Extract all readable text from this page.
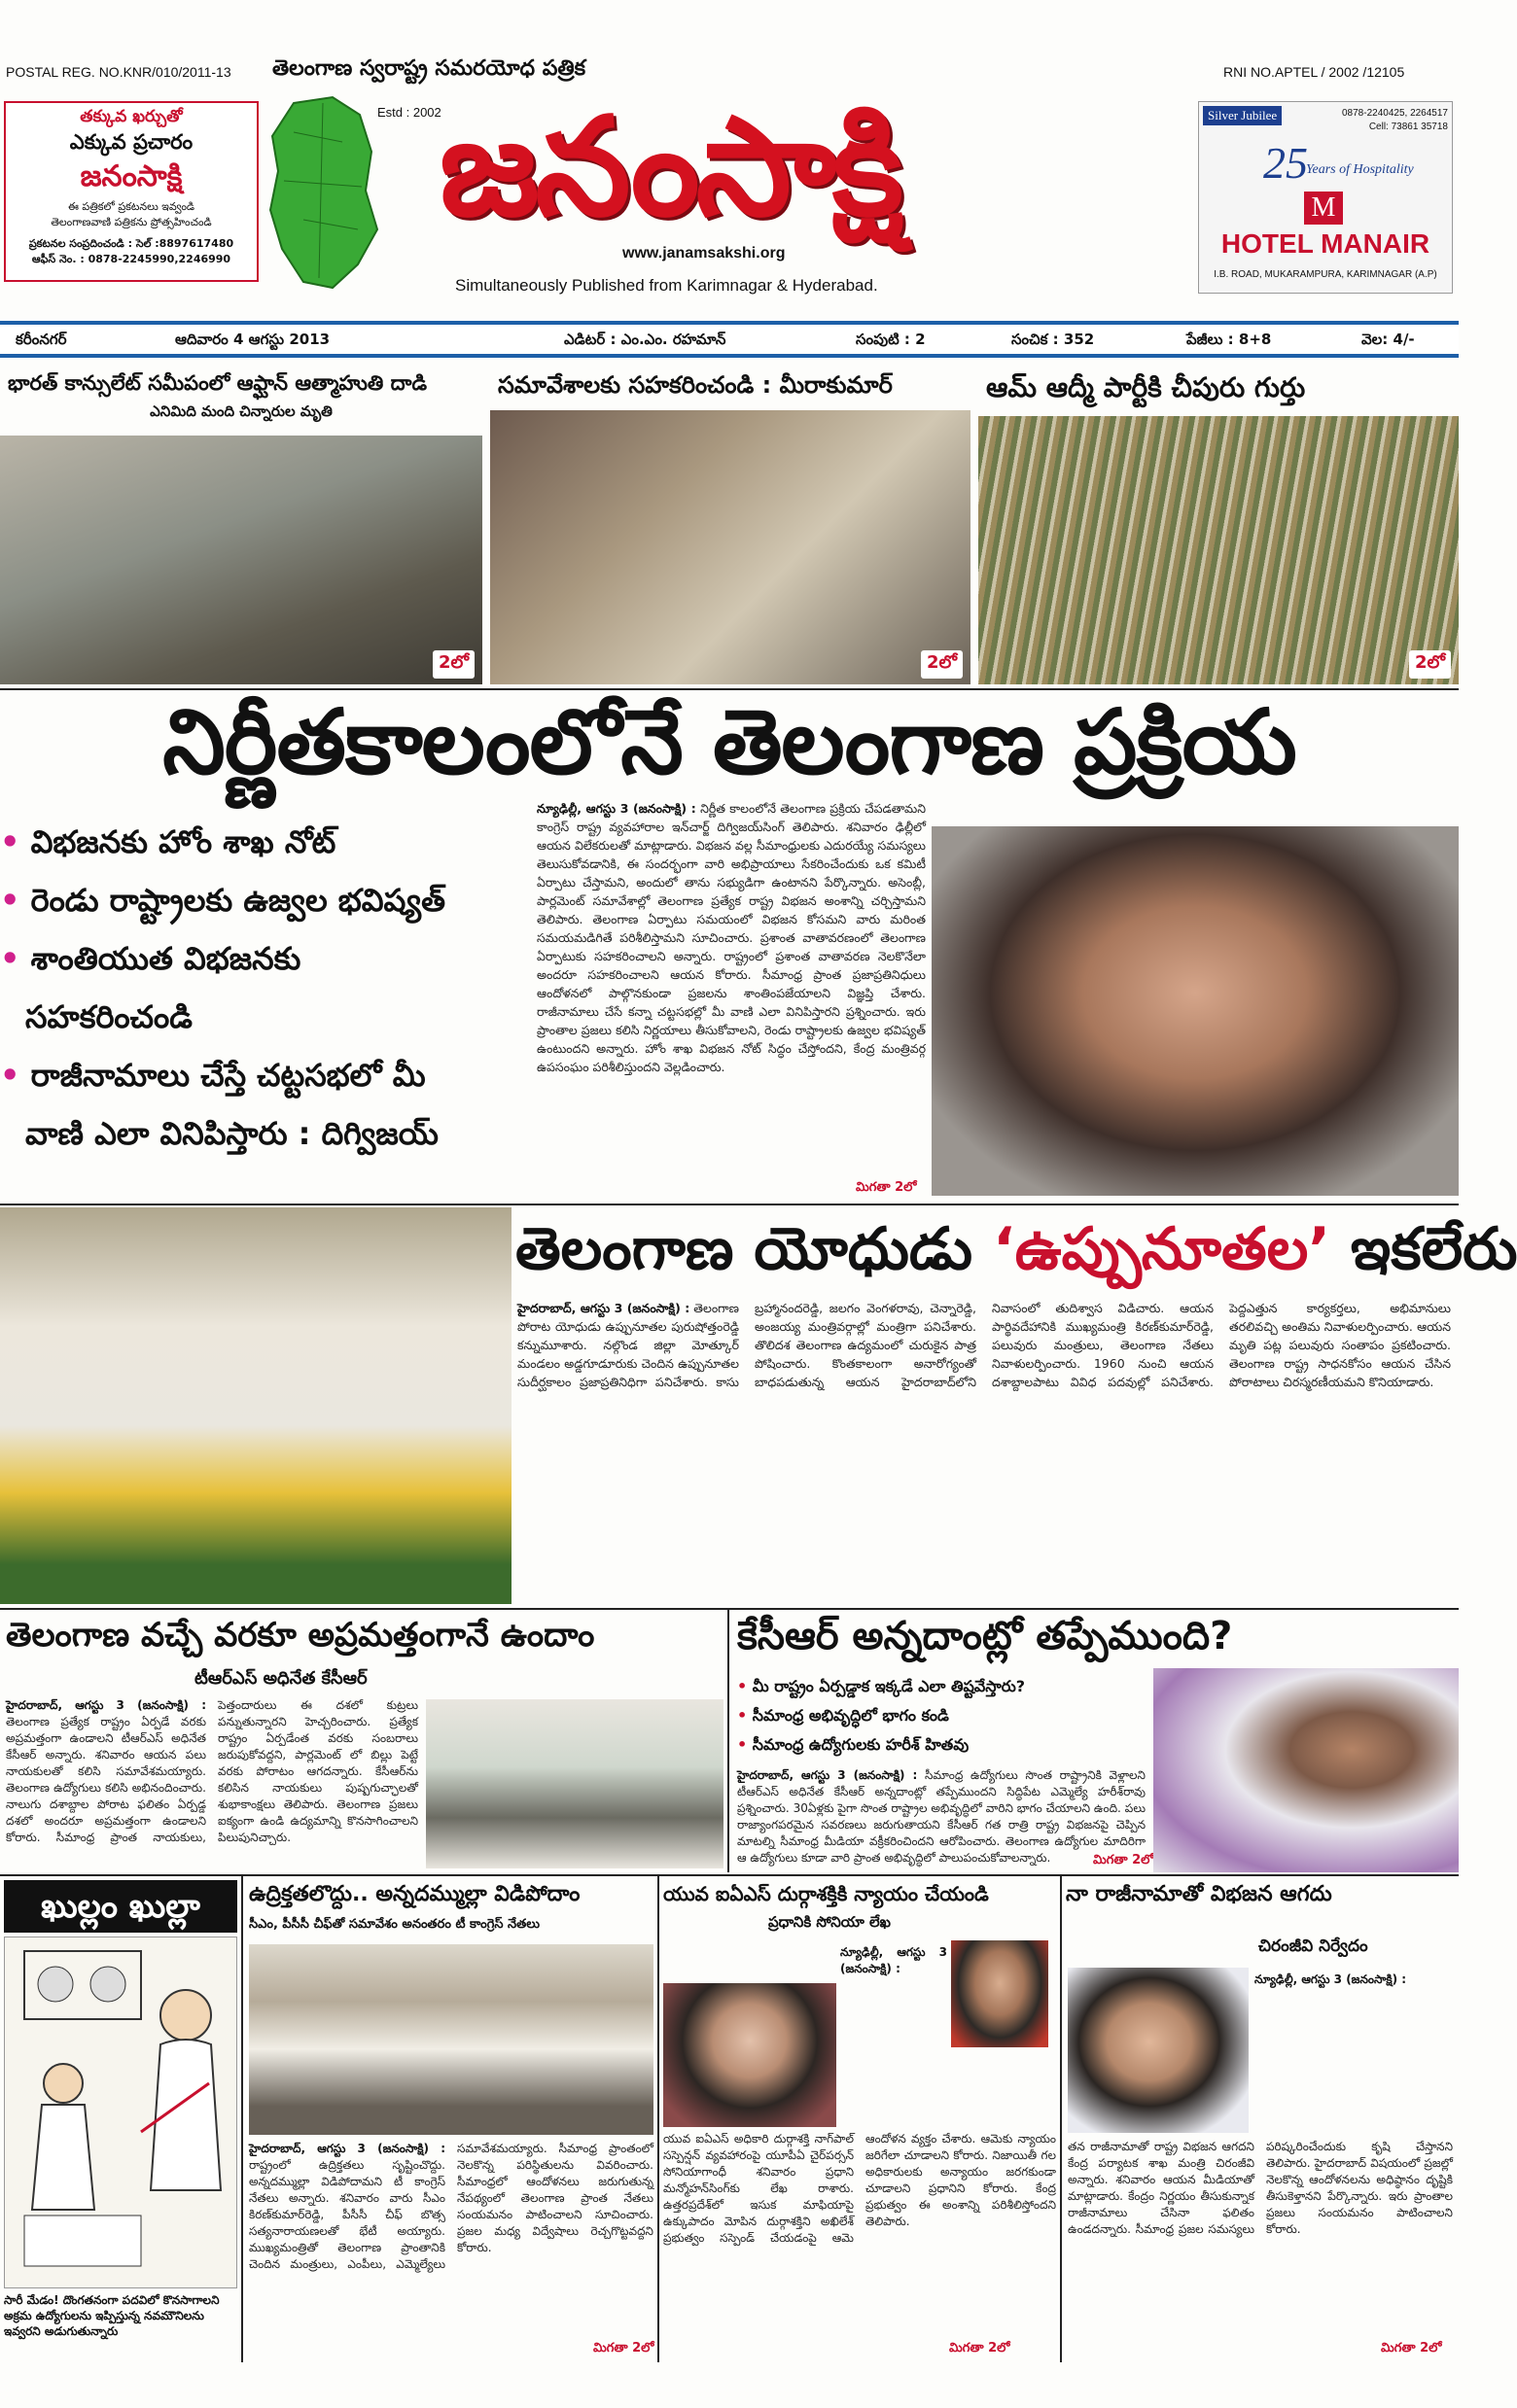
POSTAL REG. NO.KNR/010/2011-13 తెలంగాణ స్వరాష్ట్ర సమరయోధ పత్రిక	RNI NO.APTEL / 2002 /12105
తక్కువ ఖర్చుతో
ఎక్కువ ప్రచారం
జనంసాక్షి
ఈ పత్రికలో ప్రకటనలు ఇవ్వండి
తెలంగాణవాణి పత్రికను ప్రోత్సహించండి
ప్రకటనల సంప్రదించండి : సెల్ :8897617480
ఆఫీస్ నెం. : 0878-2245990,2246990
Estd : 2002
జనంసాక్షి
www.janamsakshi.org
Simultaneously Published from Karimnagar & Hyderabad.
Silver Jubilee	0878-2240425, 2264517
Cell: 73861 35718
25
Years of Hospitality
M
HOTEL MANAIR
I.B. ROAD, MUKARAMPURA, KARIMNAGAR (A.P)
కరీంనగర్	ఆదివారం 4 ఆగస్టు 2013	ఎడిటర్ : ఎం.ఎం. రహమాన్	సంపుటి : 2	సంచిక : 352	పేజీలు : 8+8	వెల: 4/-
భారత్ కాన్సులేట్ సమీపంలో ఆఫ్ఘాన్ ఆత్మాహుతి దాడి
ఎనిమిది మంది చిన్నారుల మృతి
2లో
సమావేశాలకు సహకరించండి : మీరాకుమార్
2లో
ఆమ్ ఆద్మీ పార్టీకి చీపురు గుర్తు
2లో
నిర్ణీతకాలంలోనే తెలంగాణ ప్రక్రియ
• విభజనకు హోం శాఖ నోట్
• రెండు రాష్ట్రాలకు ఉజ్వల భవిష్యత్
• శాంతియుత విభజనకు
సహకరించండి
• రాజీనామాలు చేస్తే చట్టసభలో మీ
వాణి ఎలా వినిపిస్తారు : దిగ్విజయ్
న్యూఢిల్లీ, ఆగస్టు 3 (జనంసాక్షి) : నిర్ణీత కాలంలోనే తెలంగాణ ప్రక్రియ చేపడతామని కాంగ్రెస్ రాష్ట్ర వ్యవహారాల ఇన్‌చార్జ్ దిగ్విజయ్‌సింగ్ తెలిపారు. శనివారం ఢిల్లీలో ఆయన విలేకరులతో మాట్లాడారు. విభజన వల్ల సీమాంధ్రులకు ఎదురయ్యే సమస్యలు తెలుసుకోవడానికి, ఈ సందర్భంగా వారి అభిప్రాయాలు సేకరించేందుకు ఒక కమిటీ ఏర్పాటు చేస్తామని, అందులో తాను సభ్యుడిగా ఉంటానని పేర్కొన్నారు. అసెంబ్లీ, పార్లమెంట్ సమావేశాల్లో తెలంగాణ ప్రత్యేక రాష్ట్ర విభజన అంశాన్ని చర్చిస్తామని తెలిపారు. తెలంగాణ ఏర్పాటు సమయంలో విభజన కోసమని వారు మరింత సమయమడిగితే పరిశీలిస్తామని సూచించారు. ప్రశాంత వాతావరణంలో తెలంగాణ ఏర్పాటుకు సహకరించాలని అన్నారు. రాష్ట్రంలో ప్రశాంత వాతావరణ నెలకొనేలా అందరూ సహకరించాలని ఆయన కోరారు. సీమాంధ్ర ప్రాంత ప్రజాప్రతినిధులు ఆందోళనలో పాల్గొనకుండా ప్రజలను శాంతింపజేయాలని విజ్ఞప్తి చేశారు. రాజీనామాలు చేసే కన్నా చట్టసభల్లో మీ వాణి ఎలా వినిపిస్తారని ప్రశ్నించారు. ఇరు ప్రాంతాల ప్రజలు కలిసి నిర్ణయాలు తీసుకోవాలని, రెండు రాష్ట్రాలకు ఉజ్వల భవిష్యత్ ఉంటుందని అన్నారు. హోం శాఖ విభజన నోట్ సిద్ధం చేస్తోందని, కేంద్ర మంత్రివర్గ ఉపసంఘం పరిశీలిస్తుందని వెల్లడించారు.
మిగతా 2లో
తెలంగాణ యోధుడు ‘ఉప్పునూతల’ ఇకలేరు
హైదరాబాద్, ఆగస్టు 3 (జనంసాక్షి) : తెలంగాణ పోరాట యోధుడు ఉప్పునూతల పురుషోత్తంరెడ్డి కన్నుమూశారు. నల్గొండ జిల్లా మోత్కూర్ మండలం అడ్డగూడూరుకు చెందిన ఉప్పునూతల సుదీర్ఘకాలం ప్రజాప్రతినిధిగా పనిచేశారు. కాసు బ్రహ్మానందరెడ్డి, జలగం వెంగళరావు, చెన్నారెడ్డి, అంజయ్య మంత్రివర్గాల్లో మంత్రిగా పనిచేశారు. తొలిదశ తెలంగాణ ఉద్యమంలో చురుకైన పాత్ర పోషించారు. కొంతకాలంగా అనారోగ్యంతో బాధపడుతున్న ఆయన హైదరాబాద్‌లోని నివాసంలో తుదిశ్వాస విడిచారు. ఆయన పార్థివదేహానికి ముఖ్యమంత్రి కిరణ్‌కుమార్‌రెడ్డి, పలువురు మంత్రులు, తెలంగాణ నేతలు నివాళులర్పించారు. 1960 నుంచి ఆయన దశాబ్దాలపాటు వివిధ పదవుల్లో పనిచేశారు. పెద్దఎత్తున కార్యకర్తలు, అభిమానులు తరలివచ్చి అంతిమ నివాళులర్పించారు. ఆయన మృతి పట్ల పలువురు సంతాపం ప్రకటించారు. తెలంగాణ రాష్ట్ర సాధనకోసం ఆయన చేసిన పోరాటాలు చిరస్మరణీయమని కొనియాడారు.
తెలంగాణ వచ్చే వరకూ అప్రమత్తంగానే ఉందాం
టీఆర్ఎస్ అధినేత కేసీఆర్
హైదరాబాద్, ఆగస్టు 3 (జనంసాక్షి) : తెలంగాణ ప్రత్యేక రాష్ట్రం ఏర్పడే వరకు అప్రమత్తంగా ఉండాలని టీఆర్ఎస్ అధినేత కేసీఆర్ అన్నారు. శనివారం ఆయన పలు నాయకులతో కలిసి సమావేశమయ్యారు. తెలంగాణ ఉద్యోగులు కలిసి అభినందించారు. నాలుగు దశాబ్దాల పోరాట ఫలితం ఏర్పడ్డ దశలో అందరూ అప్రమత్తంగా ఉండాలని కోరారు. సీమాంధ్ర ప్రాంత నాయకులు, పెత్తందారులు ఈ దశలో కుట్రలు పన్నుతున్నారని హెచ్చరించారు. ప్రత్యేక రాష్ట్రం ఏర్పడేంత వరకు సంబరాలు జరుపుకోవద్దని, పార్లమెంట్ లో బిల్లు పెట్టే వరకు పోరాటం ఆగదన్నారు. కేసీఆర్‌ను కలిసిన నాయకులు పుష్పగుచ్ఛాలతో శుభాకాంక్షలు తెలిపారు. తెలంగాణ ప్రజలు ఐక్యంగా ఉండి ఉద్యమాన్ని కొనసాగించాలని పిలుపునిచ్చారు.
కేసీఆర్ అన్నదాంట్లో తప్పేముంది?
• మీ రాష్ట్రం ఏర్పడ్డాక ఇక్కడే ఎలా తిష్టవేస్తారు?
• సీమాంధ్ర అభివృద్ధిలో భాగం కండి
• సీమాంధ్ర ఉద్యోగులకు హరీశ్ హితవు
హైదరాబాద్, ఆగస్టు 3 (జనంసాక్షి) : సీమాంధ్ర ఉద్యోగులు సొంత రాష్ట్రానికి వెళ్లాలని టీఆర్ఎస్ అధినేత కేసీఆర్ అన్నదాంట్లో తప్పేముందని సిద్ధిపేట ఎమ్మెల్యే హరీశ్‌రావు ప్రశ్నించారు. 30ఏళ్లకు పైగా సొంత రాష్ట్రాల అభివృద్ధిలో వారిని భాగం చేయాలని ఉంది. పలు రాజ్యాంగపరమైన సవరణలు జరుగుతాయని కేసీఆర్ గత రాత్రి రాష్ట్ర విభజనపై చెప్పిన మాటల్ని సీమాంధ్ర మీడియా వక్రీకరించిందని ఆరోపించారు. తెలంగాణ ఉద్యోగుల మాదిరిగా ఆ ఉద్యోగులు కూడా వారి ప్రాంత అభివృద్ధిలో పాలుపంచుకోవాలన్నారు.	మిగతా 2లో
ఖుల్లం ఖుల్లా
సారీ మేడం! దొంగతనంగా పదవిలో కొనసాగాలని అక్రమ ఉద్యోగులను ఇప్పిస్తున్న నవమౌనిలను ఇవ్వరని అడుగుతున్నారు
ఉద్రిక్తతలొద్దు.. అన్నదమ్ముల్లా విడిపోదాం
సీఎం, పీసీసీ చీఫ్‌తో సమావేశం అనంతరం టీ కాంగ్రెస్ నేతలు
హైదరాబాద్, ఆగస్టు 3 (జనంసాక్షి) : రాష్ట్రంలో ఉద్రిక్తతలు సృష్టించొద్దు. అన్నదమ్ముల్లా విడిపోదామని టీ కాంగ్రెస్ నేతలు అన్నారు. శనివారం వారు సీఎం కిరణ్‌కుమార్‌రెడ్డి, పీసీసీ చీఫ్ బొత్స సత్యనారాయణలతో భేటీ అయ్యారు. ముఖ్యమంత్రితో తెలంగాణ ప్రాంతానికి చెందిన మంత్రులు, ఎంపీలు, ఎమ్మెల్యేలు సమావేశమయ్యారు. సీమాంధ్ర ప్రాంతంలో నెలకొన్న పరిస్థితులను వివరించారు. సీమాంధ్రలో ఆందోళనలు జరుగుతున్న నేపథ్యంలో తెలంగాణ ప్రాంత నేతలు సంయమనం పాటించాలని సూచించారు. ప్రజల మధ్య విద్వేషాలు రెచ్చగొట్టవద్దని కోరారు.
మిగతా 2లో
యువ ఐఏఎస్ దుర్గాశక్తికి న్యాయం చేయండి
ప్రధానికి సోనియా లేఖ
న్యూఢిల్లీ, ఆగస్టు 3 (జనంసాక్షి) :
యువ ఐఏఎస్ అధికారి దుర్గాశక్తి నాగ్‌పాల్ సస్పెన్షన్ వ్యవహారంపై యూపీఏ చైర్‌పర్సన్ సోనియాగాంధీ శనివారం ప్రధాని మన్మోహన్‌సింగ్‌కు లేఖ రాశారు. ఉత్తరప్రదేశ్‌లో ఇసుక మాఫియాపై ఉక్కుపాదం మోపిన దుర్గాశక్తిని అఖిలేశ్ ప్రభుత్వం సస్పెండ్ చేయడంపై ఆమె ఆందోళన వ్యక్తం చేశారు. ఆమెకు న్యాయం జరిగేలా చూడాలని కోరారు. నిజాయితీ గల అధికారులకు అన్యాయం జరగకుండా చూడాలని ప్రధానిని కోరారు. కేంద్ర ప్రభుత్వం ఈ అంశాన్ని పరిశీలిస్తోందని తెలిపారు.
మిగతా 2లో
నా రాజీనామాతో విభజన ఆగదు
చిరంజీవి నిర్వేదం
న్యూఢిల్లీ, ఆగస్టు 3 (జనంసాక్షి) :
తన రాజీనామాతో రాష్ట్ర విభజన ఆగదని కేంద్ర పర్యాటక శాఖ మంత్రి చిరంజీవి అన్నారు. శనివారం ఆయన మీడియాతో మాట్లాడారు. కేంద్రం నిర్ణయం తీసుకున్నాక రాజీనామాలు చేసినా ఫలితం ఉండదన్నారు. సీమాంధ్ర ప్రజల సమస్యలు పరిష్కరించేందుకు కృషి చేస్తానని తెలిపారు. హైదరాబాద్ విషయంలో ప్రజల్లో నెలకొన్న ఆందోళనలను అధిష్ఠానం దృష్టికి తీసుకెళ్తానని పేర్కొన్నారు. ఇరు ప్రాంతాల ప్రజలు సంయమనం పాటించాలని కోరారు.
మిగతా 2లో
